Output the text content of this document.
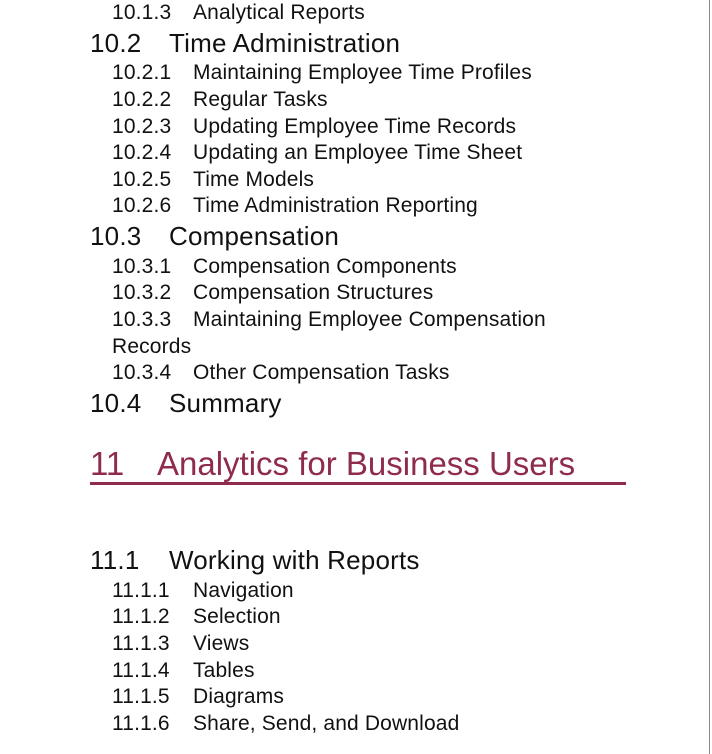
10.1.3 Analytical Reports
10.2 Time Administration
10.2.1 Maintaining Employee Time Profiles
10.2.2 Regular Tasks
10.2.3 Updating Employee Time Records
10.2.4 Updating an Employee Time Sheet
10.2.5 Time Models
10.2.6 Time Administration Reporting
10.3 Compensation
10.3.1 Compensation Components
10.3.2 Compensation Structures
10.3.3 Maintaining Employee Compensation
Records
10.3.4 Other Compensation Tasks
10.4 Summary
11 Analytics for Business Users
11.1 Working with Reports
11.1.1 Navigation
11.1.2 Selection
11.1.3 Views
11.1.4 Tables
11.1.5 Diagrams
11.1.6 Share, Send, and Download
